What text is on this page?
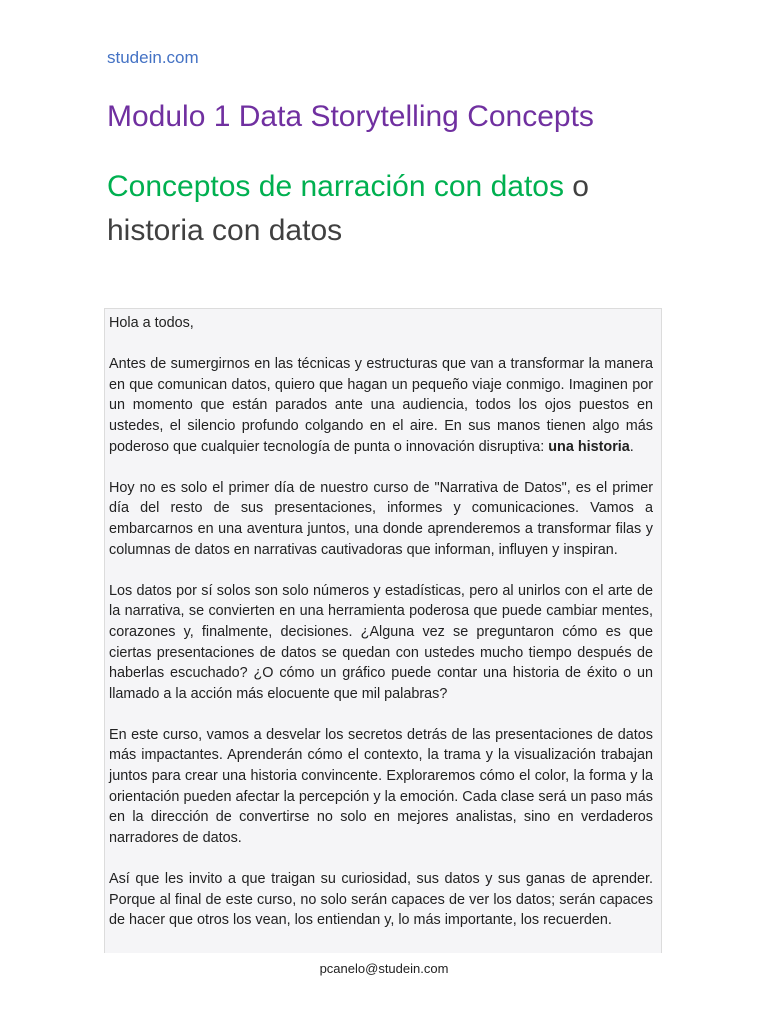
studein.com
Modulo 1 Data Storytelling Concepts
Conceptos de narración con datos o historia con datos

Hola a todos,

Antes de sumergirnos en las técnicas y estructuras que van a transformar la manera en que comunican datos, quiero que hagan un pequeño viaje conmigo. Imaginen por un momento que están parados ante una audiencia, todos los ojos puestos en ustedes, el silencio profundo colgando en el aire. En sus manos tienen algo más poderoso que cualquier tecnología de punta o innovación disruptiva: una historia.

Hoy no es solo el primer día de nuestro curso de "Narrativa de Datos", es el primer día del resto de sus presentaciones, informes y comunicaciones. Vamos a embarcarnos en una aventura juntos, una donde aprenderemos a transformar filas y columnas de datos en narrativas cautivadoras que informan, influyen y inspiran.

Los datos por sí solos son solo números y estadísticas, pero al unirlos con el arte de la narrativa, se convierten en una herramienta poderosa que puede cambiar mentes, corazones y, finalmente, decisiones. ¿Alguna vez se preguntaron cómo es que ciertas presentaciones de datos se quedan con ustedes mucho tiempo después de haberlas escuchado? ¿O cómo un gráfico puede contar una historia de éxito o un llamado a la acción más elocuente que mil palabras?

En este curso, vamos a desvelar los secretos detrás de las presentaciones de datos más impactantes. Aprenderán cómo el contexto, la trama y la visualización trabajan juntos para crear una historia convincente. Exploraremos cómo el color, la forma y la orientación pueden afectar la percepción y la emoción. Cada clase será un paso más en la dirección de convertirse no solo en mejores analistas, sino en verdaderos narradores de datos.

Así que les invito a que traigan su curiosidad, sus datos y sus ganas de aprender. Porque al final de este curso, no solo serán capaces de ver los datos; serán capaces de hacer que otros los vean, los entiendan y, lo más importante, los recuerden.

pcanelo@studein.com
